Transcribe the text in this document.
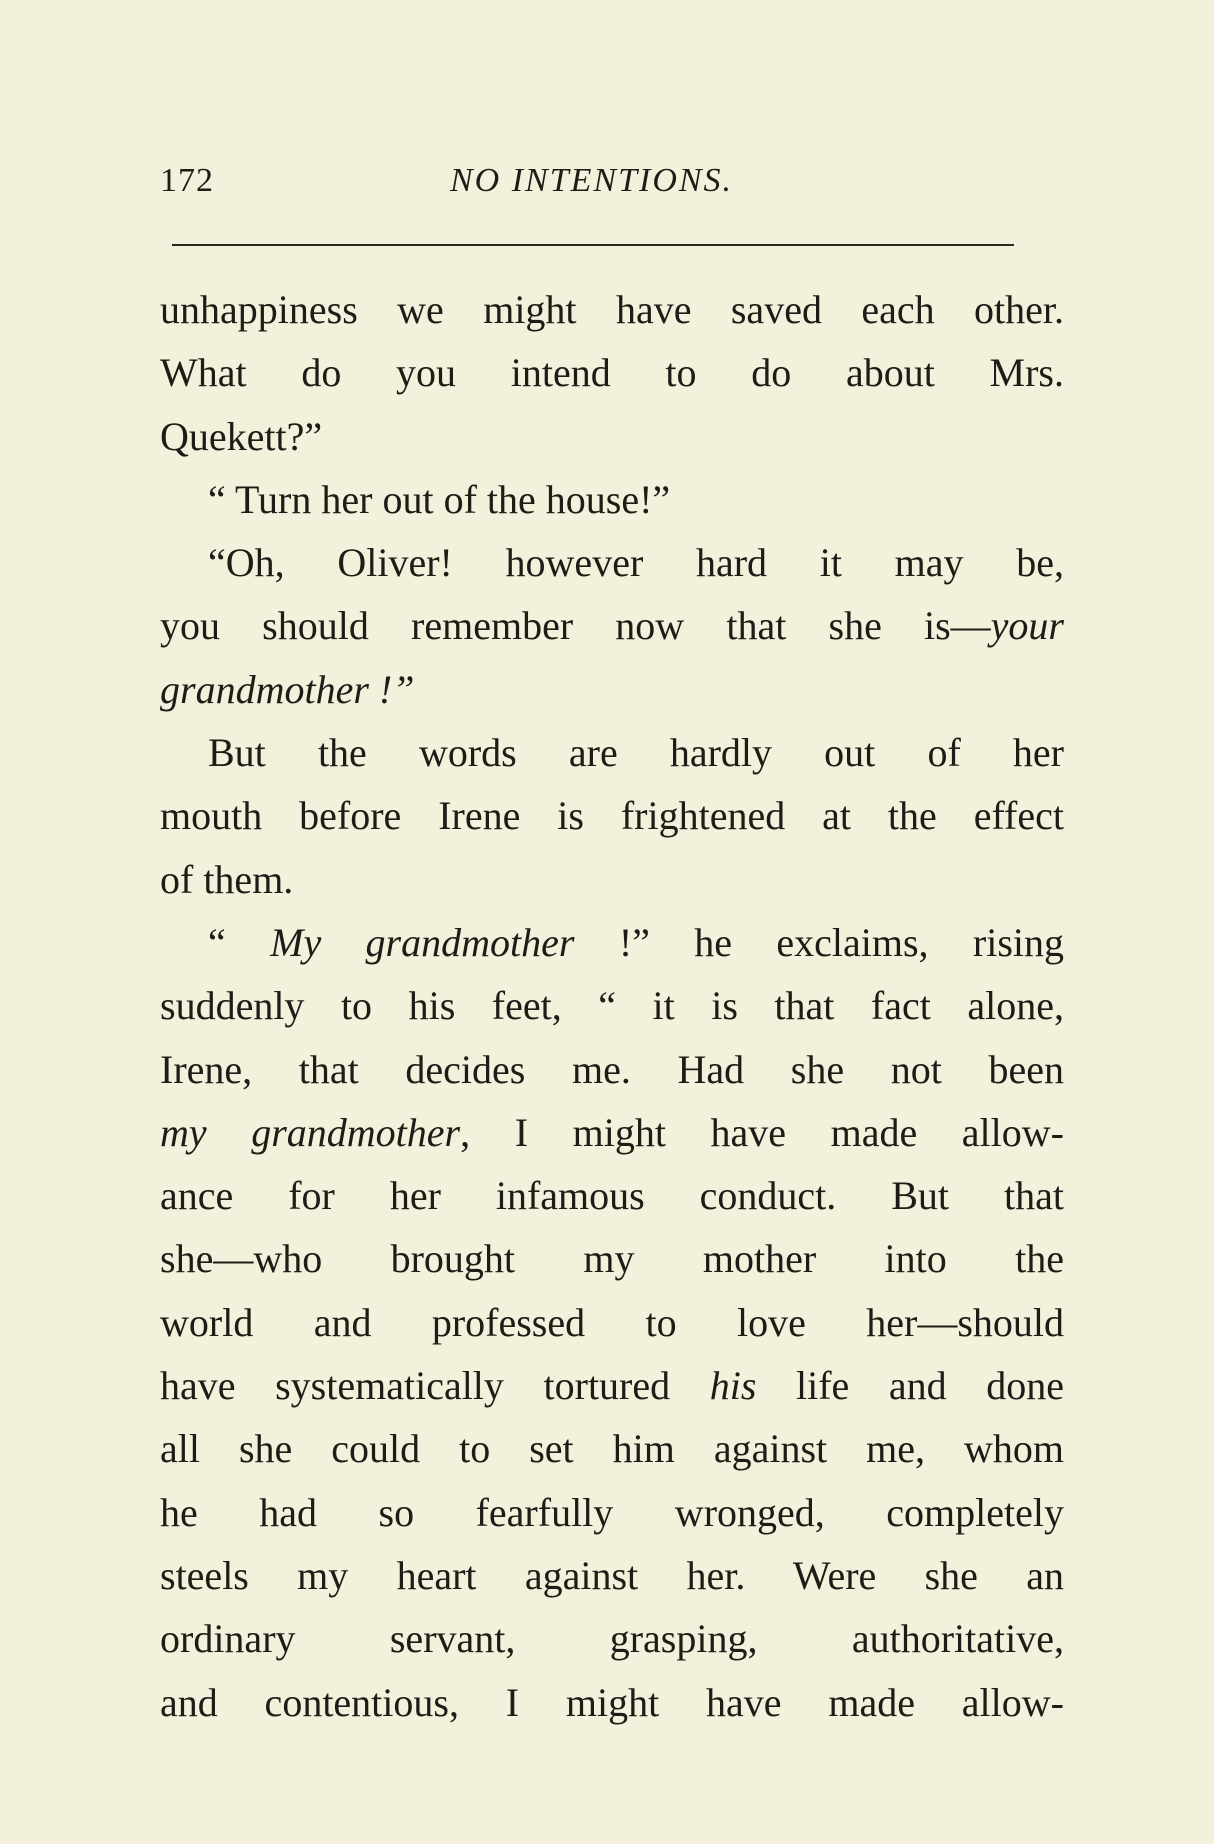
172	NO INTENTIONS.
unhappiness we might have saved each other.
What do you intend to do about Mrs.
Quekett?”
“ Turn her out of the house!”
“Oh, Oliver! however hard it may be,
you should remember now that she is—your
grandmother !”
But the words are hardly out of her
mouth before Irene is frightened at the effect
of them.
“ My grandmother !” he exclaims, rising
suddenly to his feet, “ it is that fact alone,
Irene, that decides me. Had she not been
my grandmother, I might have made allow-
ance for her infamous conduct. But that
she—who brought my mother into the
world and professed to love her—should
have systematically tortured his life and done
all she could to set him against me, whom
he had so fearfully wronged, completely
steels my heart against her. Were she an
ordinary servant, grasping, authoritative,
and contentious, I might have made allow-
